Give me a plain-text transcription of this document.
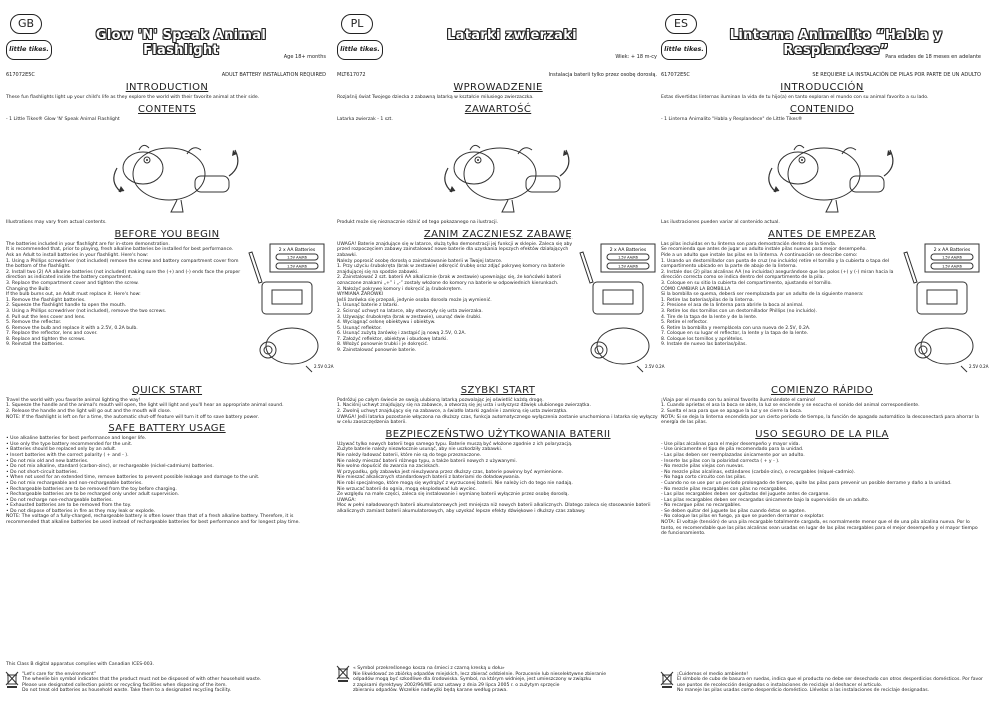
GB
little tikes.
Glow 'N' Speak Animal Flashlight	Age 18+ months
617072E5C	ADULT BATTERY INSTALLATION REQUIRED
INTRODUCTION

These fun flashlights light up your child's life as they explore the world with their favorite animal at their side.

CONTENTS

- 1 Little Tikes® Glow 'N' Speak Animal Flashlight

Illustrations may vary from actual contents.

BEFORE YOU BEGIN
The batteries included in your flashlight are for in-store demonstration.
It is recommended that, prior to playing, fresh alkaline batteries be installed for best performance.
Ask an Adult to install batteries in your flashlight. Here's how:
1. Using a Phillips screwdriver (not included) remove the screw and battery compartment cover from the bottom of the flashlight.
2. Install two (2) AA alkaline batteries (not included) making sure the (+) and (-) ends face the proper direction as indicated inside the battery compartment.
3. Replace the compartment cover and tighten the screw.
Changing the Bulb:
If the bulb burns out, an Adult must replace it. Here's how:
1. Remove the flashlight batteries.
2. Squeeze the flashlight handle to open the mouth.
3. Using a Phillips screwdriver (not included), remove the two screws.
4. Pull out the lens cover and lens.
5. Remove the reflector.
6. Remove the bulb and replace it with a 2.5V, 0.2A bulb.
7. Replace the reflector, lens and cover.
8. Replace and tighten the screws.
9. Reinstall the batteries.
2 x AA Batteries
1.5V AA/R6
1.5V AA/R6
2.5V 0.2A
QUICK START
Travel the world with you favorite animal lighting the way!
1. Squeeze the handle and the animal's mouth will open, the light will light and you'll hear an appropriate animal sound.
2. Release the handle and the light will go out and the mouth will close.
NOTE: If the flashlight is left on for a time, the automatic shut-off feature will turn it off to save battery power.
SAFE BATTERY USAGE
• Use alkaline batteries for best performance and longer life.
• Use only the type battery recommended for the unit.
• Batteries should be replaced only by an adult.
• Insert batteries with the correct polarity ( + and - ).
• Do not mix old and new batteries.
• Do not mix alkaline, standard (carbon-zinc), or rechargeable (nickel-cadmium) batteries.
• Do not short-circuit batteries.
• When not used for an extended time, remove batteries to prevent possible leakage and damage to the unit.
• Do not mix rechargeable and non-rechargeable batteries.
• Rechargeable batteries are to be removed from the toy before charging.
• Rechargeable batteries are to be recharged only under adult supervision.
• Do not recharge non-rechargeable batteries.
• Exhausted batteries are to be removed from the toy.
• Do not dispose of batteries in fire as they may leak or explode.
NOTE: The voltage of a fully-charged, rechargeable battery is often lower than that of a fresh alkaline battery. Therefore, it is recommended that alkaline batteries be used instead of rechargeable batteries for best performance and for longest play time.

This Class B digital apparatus complies with Canadian ICES-003.

"Let's care for the environment"

The wheelie bin symbol indicates that the product must not be disposed of with other household waste.

Please use designated collection points or recycling facilities when disposing of the item.

Do not treat old batteries as household waste. Take them to a designated recycling facility.

PL
little tikes.
Latarki zwierzaki
Wiek: + 18 m-cy
MLT617072	Instalacja baterii tylko przez osobę dorosłą.
WPROWADZENIE

Rozjaśnij świat Twojego dziecka z zabawną latarką w kształcie milusiego zwierzaczka.

ZAWARTOŚĆ

Latarka zwierzak - 1 szt.

Produkt może się nieznacznie różnić od tego pokazanego na ilustracji.

ZANIM ZACZNIESZ ZABAWĘ
UWAGA! Baterie znajdujące się w latarce, służą tylko demonstracji jej funkcji w sklepie. Zaleca się aby przed rozpoczęciem zabawy zainstalować nowe baterie dla uzyskania lepszych efektów działających zabawki.
Należy poprosić osobę dorosłą o zainstalowanie baterii w Twojej latarce.
1. Przy użyciu śrubokręta (brak w zestawie) odkręcić śrubkę oraz zdjąć pokrywę komory na baterie znajdującej się na spodzie zabawki.
2. Zainstalować 2 szt. baterii AA alkalicznie (brak w zestawie) upewniając się, że końcówki baterii oznaczone znakami „+” i „-” zostały włożone do komory na baterie w odpowiednich kierunkach.
3. Nałożyć pokrywę komory i dokręcić ją śrubokrętem.
WYMIANA ŻARÓWKI
Jeśli żarówka się przepali, jedynie osoba dorosła może ją wymienić.
1. Usunąć baterie z latarki.
2. Ścisnąć uchwyt na latarce, aby otworzyły się usta zwierzaka.
3. Używając śrubokręta (brak w zestawie), usunąć dwie śrubki.
4. Wyciągnąć osłonę obiektywu i obiektyw.
5. Usunąć reflektor.
6. Usunąć zużytą żarówkę i zastąpić ją nową 2.5V, 0.2A.
7. Założyć reflektor, obiektyw i obudowę latarki.
8. Włożyć ponownie trubki i je dokręcić.
9. Zainstalować ponownie baterie.
2 x AA Batteries
1.5V AA/R6
1.5V AA/R6
2.5V 0.2A
SZYBKI START
Podróżuj po całym świecie ze swoją ulubioną latarką pozwalając jej oświetlić każdą drogę.
1. Naciśnij uchwyt znajdujący się na zabawce, a otworzą się jej usta i usłyszysz dźwięk ulubionego zwierzątka.
2. Zwolnij uchwyt znajdujący się na zabawce, a światło latarki zgaśnie i zamkną się usta zwierzątka.
UWAGA! Jeśli latarka pozostanie włączona na dłuższy czas, funkcja automatycznego wyłączenia zostanie uruchomiona i latarka się wyłączy w celu zaoszczędzenia baterii.
BEZPIECZEŃSTWO UŻYTKOWANIA BATERII
Używać tylko nowych baterii tego samego typu. Baterie muszą być włożone zgodnie z ich polaryzacją.
Zużyte baterie należy niezwłocznie usunąć, aby nie uszkodziły zabawki.
Nie należy ładować baterii, które nie są do tego przeznaczone.
Nie należy mieszać baterii różnego typu, a także baterii nowych z używanymi.
Nie wolno dopuścić do zwarcia na zaciskach.
W przypadku, gdy zabawka jest nieużywana przez dłuższy czas, baterie powinny być wymienione.
Nie mieszać alkalicznych standardowych baterii z bateriami do doładowywania.
Nie robi specjalnego, które mogą się wydrążyć z wyrzuconej baterii. Nie należy ich do tego nie nadają.
Nie wrzucać baterii do ognia, mogą eksplodować lub wyciec.
Ze względu na małe części, zaleca się instalowanie i wymianę baterii wyłącznie przez osobę dorosłą.
UWAGA:
Moc w pełni naładowanych baterii akumulatorowych jest mniejsza niż nowych baterii alkalicznych. Dlatego zaleca się stosowanie baterii alkalicznych zamiast baterii akumulatorowych, aby uzyskać lepsze efekty dźwiękowe i dłuższy czas zabawy.

« Symbol przekreślonego kosza na śmieci z czarną kreską u dołu»

Nie likwidować ze zbiórką odpadów miejskich, lecz zbierać oddzielnie. Porzucenie lub nieselektywne zbieranie

odpadów mogą być szkodliwe dla środowiska. Symbol, na którym widnieje, jest umieszczony w związku

z zapisami dyrektywy 2002/96/WE oraz ustawy z dnia 29 lipca 2005 r. o zużytym sprzęcie

zbieraniu odpadów. Wszelkie nadwyżki będą karane według prawa.

ES
little tikes.
Linterna Animalito “Habla y Resplandece”
Para edades de 18 meses en adelante
617072E5C	SE REQUIERE LA INSTALACIÓN DE PILAS POR PARTE DE UN ADULTO
INTRODUCCIÓN

Estas divertidas linternas iluminan la vida de tu hijo(a) en tanto exploran el mundo con su animal favorito a su lado.

CONTENIDO

- 1 Linterna Animalito "Habla y Resplandece" de Little Tikes®

Las ilustraciones pueden variar al contenido actual.

ANTES DE EMPEZAR
Las pilas incluidas en tu linterna son para demostración dentro de la tienda.
Se recomienda que antes de jugar un adulto instale pilas nuevas para mejor desempeño.
Pide a un adulto que instale las pilas en la linterna. A continuación se describe como:
1. Usando un destornillador con punta de cruz (no incluido) retire el tornillo y la cubierta o tapa del compartimento ubicado en la parte de abajo de la linterna.
2. Instale dos (2) pilas alcalinas AA (no incluidas) asegurándose que los polos (+) y (-) miran hacia la dirección correcta como se indica dentro del compartimento de la pila.
3. Coloque en su sitio la cubierta del compartimento, ajustando el tornillo.
CÓMO CAMBIAR LA BOMBILLA
Si la bombilla se quema, deberá ser reemplazada por un adulto de la siguiente manera:
1. Retire las baterías/pilas de la linterna.
2. Presione el asa de la linterna para abrirle la boca al animal.
3. Retire los dos tornillos con un destornillador Phillips (no incluido).
4. Tire de la tapa de la lente y de la lente.
5. Retire el reflector.
6. Retire la bombilla y reemplácela con una nueva de 2.5V, 0.2A.
7. Coloque en su lugar el reflector, la lente y la tapa de la lente.
8. Coloque los tornillos y apriételos.
9. Instale de nuevo las baterías/pilas.
2 x AA Batteries
1.5V AA/R6
1.5V AA/R6
2.5V 0.2A
COMIENZO RÁPIDO
¡Viaja por el mundo con tu animal favorito iluminándote el camino!
1. Cuando aprietas el asa la boca se abre, la luz se enciende y se escucha el sonido del animal correspondiente.
2. Suelta el asa para que se apague la luz y se cierre la boca.
NOTA: Si se deja la linterna encendida por un cierto periodo de tiempo, la función de apagado automático la desconectará para ahorrar la energía de las pilas.
USO SEGURO DE LA PILA
- Use pilas alcalinas para el mejor desempeño y mayor vida.
- Use únicamente el tipo de pila recomendado para la unidad.
- Las pilas deben ser reemplazadas únicamente por un adulto.
- Inserte las pilas con la polaridad correcta ( + y - ).
- No mezcle pilas viejas con nuevas.
- No mezcle pilas alcalinas, estándares (carbón-zinc), o recargables (níquel-cadmio).
- No haga corto circuito con las pilas.
- Cuando no se use por un periodo prolongado de tiempo, quite las pilas para prevenir un posible derrame y daño a la unidad.
- No mezcle pilas recargables con pilas no recargables.
- Las pilas recargables deben ser quitadas del juguete antes de cargarse.
- Las pilas recargables deben ser recargadas únicamente bajo la supervisión de un adulto.
- No recargue pilas no recargables.
- Se deben quitar del juguete las pilas cuando éstas se agoten.
- No coloque las pilas en fuego, ya que se pueden derramar o explotar.
NOTA: El voltaje (tensión) de una pila recargable totalmente cargada, es normalmente menor que el de una pila alcalina nueva. Por lo tanto, es recomendable que las pilas alcalinas sean usadas en lugar de las pilas recargables para el mejor desempeño y el mayor tiempo de funcionamiento.

¡Cuidemos el medio ambiente!

El símbolo de cubo de basura en ruedas, indica que el producto no debe ser desechado con otros desperdicios domésticos. Por favor use puntos de recolección designados o instalaciones de reciclaje al deshacer el artículo.

No maneje las pilas usadas como desperdicio doméstico. Llévelas a las instalaciones de reciclaje designadas.
